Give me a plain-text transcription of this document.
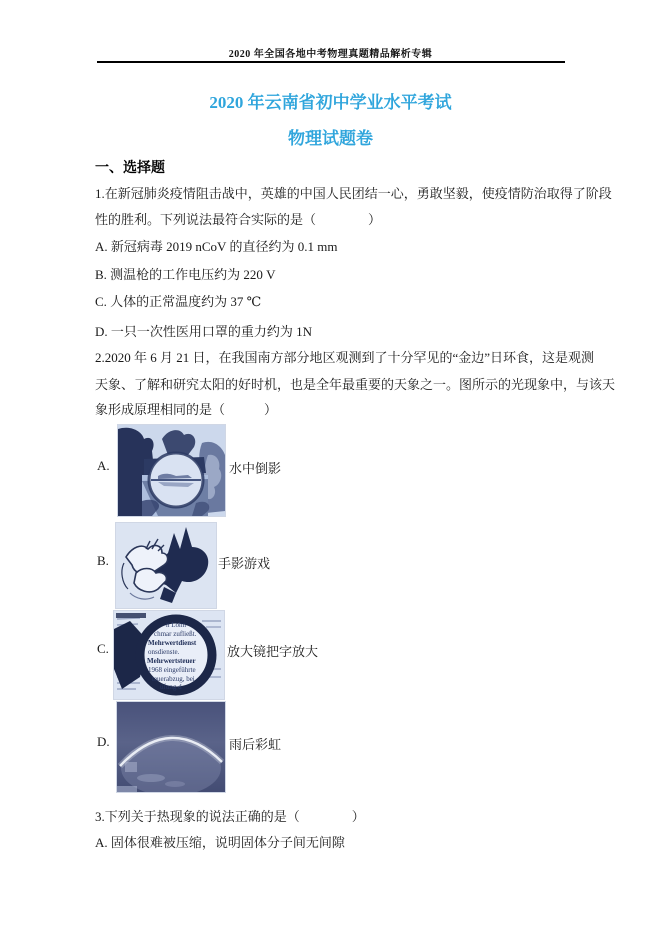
2020 年全国各地中考物理真题精品解析专辑
2020 年云南省初中学业水平考试
物理试题卷
一、选择题
1.在新冠肺炎疫情阻击战中，英雄的中国人民团结一心，勇敢坚毅，使疫情防治取得了阶段
性的胜利。下列说法最符合实际的是（　　　　）
A. 新冠病毒 2019 nCoV 的直径约为 0.1 mm
B. 测温枪的工作电压约为 220 V
C. 人体的正常温度约为 37 ℃
D. 一只一次性医用口罩的重力约为 1N
2.2020 年 6 月 21 日，在我国南方部分地区观测到了十分罕见的“金边”日环食，这是观测
天象、了解和研究太阳的好时机，也是全年最重要的天象之一。图所示的光现象中，与该天
象形成原理相同的是（　　　）
A.	水中倒影
B.	手影游戏
C.
n Lohn
chmar zufließt.
Mehrwertdienst
onsdienste.
Mehrwertsteuer
1968 eingeführte
teuerabzug, bei
üfung d
放大镜把字放大
D.	雨后彩虹
3.下列关于热现象的说法正确的是（　　　　）
A. 固体很难被压缩，说明固体分子间无间隙
